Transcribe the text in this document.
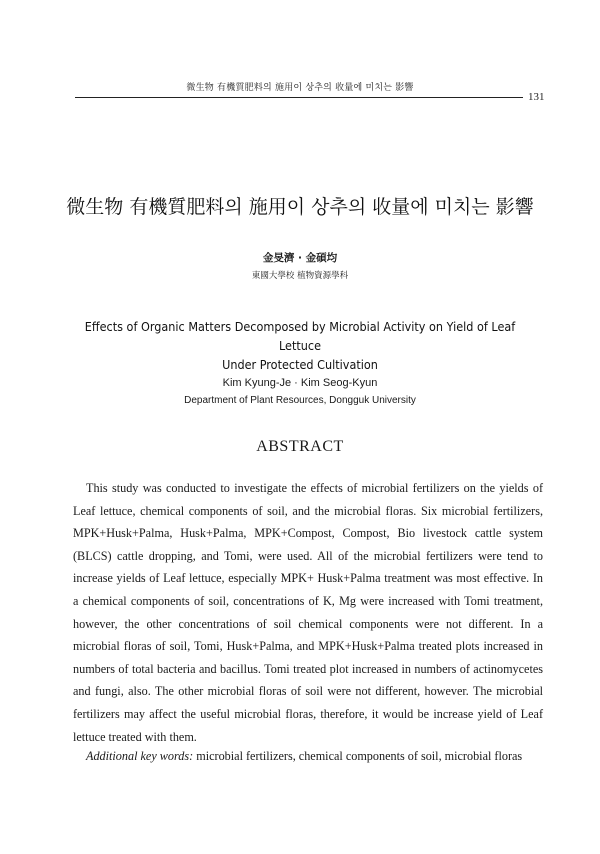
微生物 有機質肥料의 施用이 상추의 收量에 미치는 影響
131
微生物 有機質肥料의 施用이 상추의 收量에 미치는 影響
金旻濟 · 金碩均
東國大學校 植物資源學科
Effects of Organic Matters Decomposed by Microbial Activity on Yield of Leaf Lettuce
Under Protected Cultivation
Kim Kyung-Je · Kim Seog-Kyun
Department of Plant Resources, Dongguk University
ABSTRACT

This study was conducted to investigate the effects of microbial fertilizers on the yields of Leaf lettuce, chemical components of soil, and the microbial floras. Six microbial fertilizers, MPK+Husk+Palma, Husk+Palma, MPK+Compost, Compost, Bio livestock cattle system (BLCS) cattle dropping, and Tomi, were used. All of the microbial fertilizers were tend to increase yields of Leaf lettuce, especially MPK+ Husk+Palma treatment was most effective. In a chemical components of soil, concentrations of K, Mg were increased with Tomi treatment, however, the other concentrations of soil chemical components were not different. In a microbial floras of soil, Tomi, Husk+Palma, and MPK+Husk+Palma treated plots increased in numbers of total bacteria and bacillus. Tomi treated plot increased in numbers of actinomycetes and fungi, also. The other microbial floras of soil were not different, however. The microbial fertilizers may affect the useful microbial floras, therefore, it would be increase yield of Leaf lettuce treated with them.

Additional key words: microbial fertilizers, chemical components of soil, microbial floras
